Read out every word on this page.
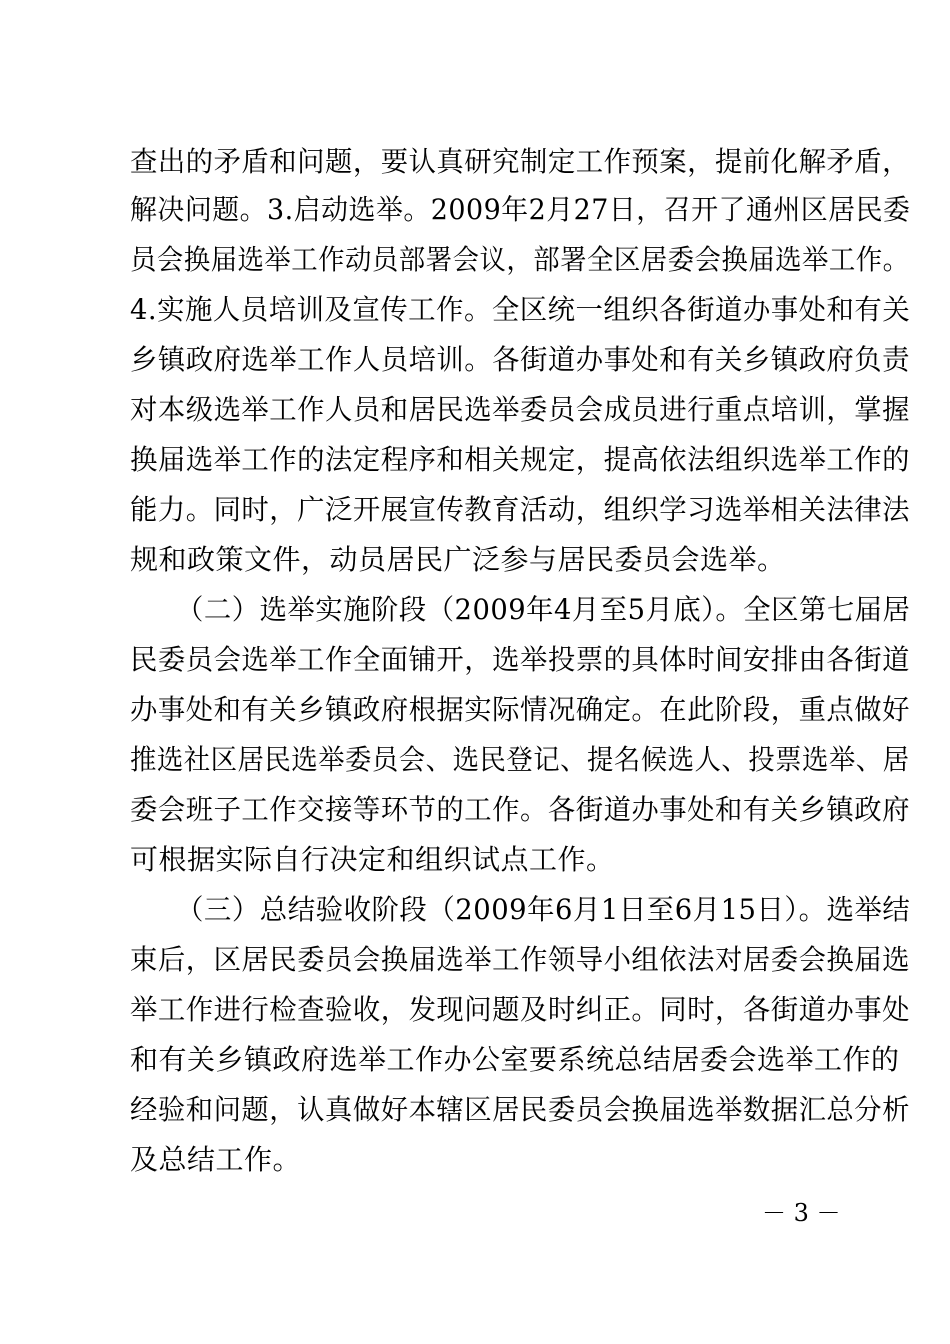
查出的矛盾和问题，要认真研究制定工作预案，提前化解矛盾，
解决问题。3.启动选举。2009年2月27日，召开了通州区居民委
员会换届选举工作动员部署会议，部署全区居委会换届选举工作。
4.实施人员培训及宣传工作。全区统一组织各街道办事处和有关
乡镇政府选举工作人员培训。各街道办事处和有关乡镇政府负责
对本级选举工作人员和居民选举委员会成员进行重点培训，掌握
换届选举工作的法定程序和相关规定，提高依法组织选举工作的
能力。同时，广泛开展宣传教育活动，组织学习选举相关法律法
规和政策文件，动员居民广泛参与居民委员会选举。
（二）选举实施阶段（2009年4月至5月底）。全区第七届居
民委员会选举工作全面铺开，选举投票的具体时间安排由各街道
办事处和有关乡镇政府根据实际情况确定。在此阶段，重点做好
推选社区居民选举委员会、选民登记、提名候选人、投票选举、居
委会班子工作交接等环节的工作。各街道办事处和有关乡镇政府
可根据实际自行决定和组织试点工作。
（三）总结验收阶段（2009年6月1日至6月15日）。选举结
束后，区居民委员会换届选举工作领导小组依法对居委会换届选
举工作进行检查验收，发现问题及时纠正。同时，各街道办事处
和有关乡镇政府选举工作办公室要系统总结居委会选举工作的
经验和问题，认真做好本辖区居民委员会换届选举数据汇总分析
及总结工作。
－ 3 －
